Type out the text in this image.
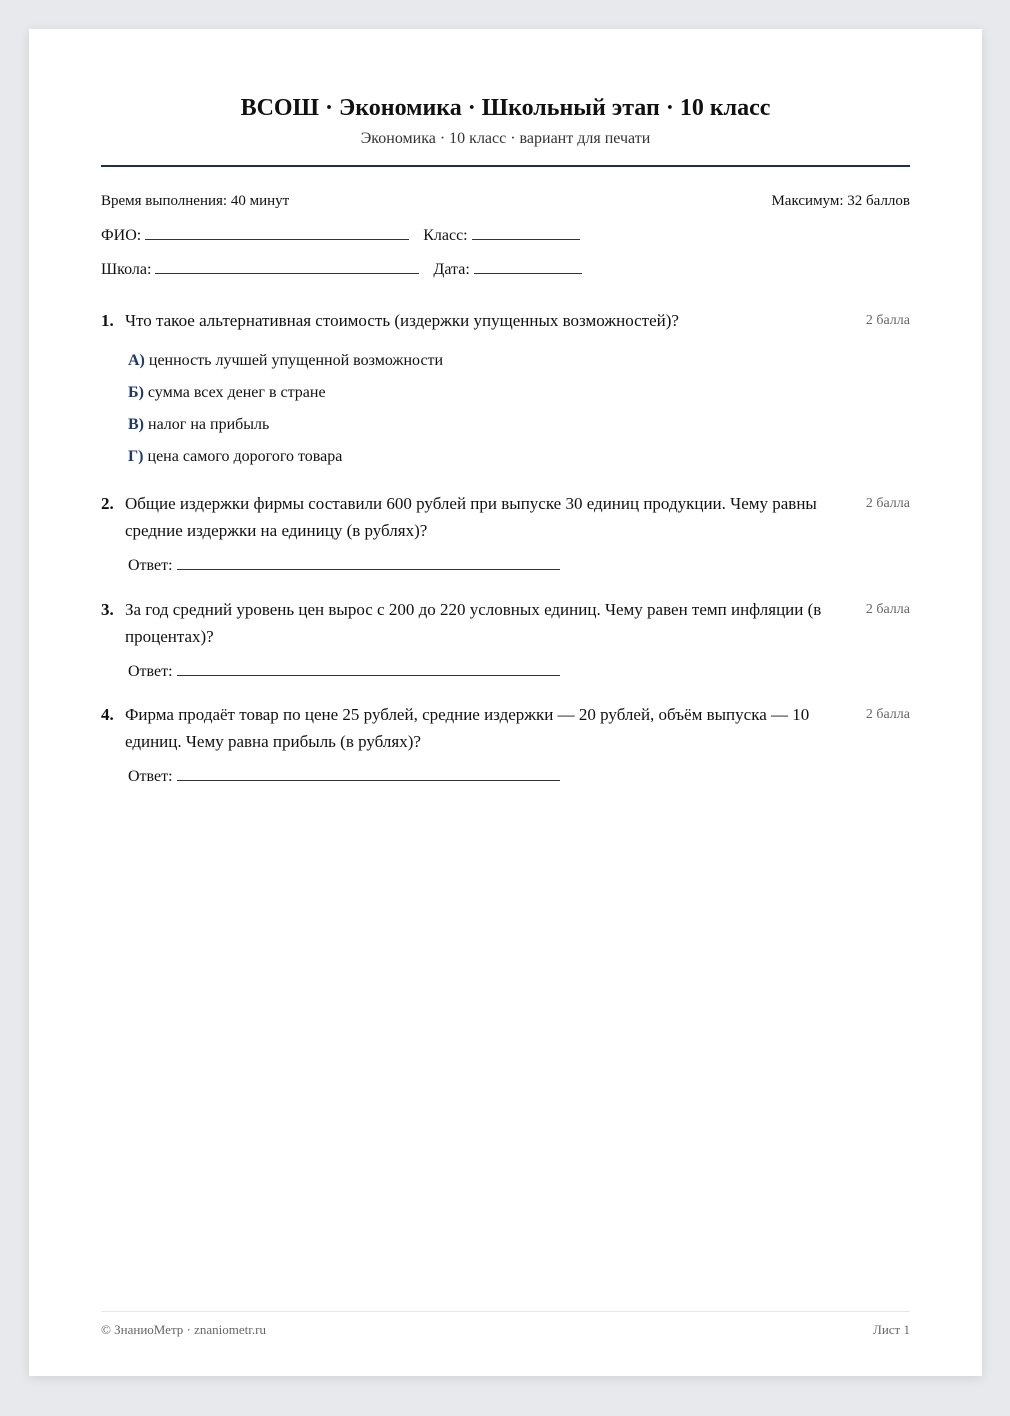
ВСОШ · Экономика · Школьный этап · 10 класс
Экономика · 10 класс · вариант для печати
Время выполнения: 40 минут	Максимум: 32 баллов
ФИО:	Класс:
Школа:	Дата:
1. Что такое альтернативная стоимость (издержки упущенных возможностей)?	2 балла
А) ценность лучшей упущенной возможности
Б) сумма всех денег в стране
В) налог на прибыль
Г) цена самого дорогого товара
2. Общие издержки фирмы составили 600 рублей при выпуске 30 единиц продукции. Чему равны средние издержки на единицу (в рублях)?
2 балла
Ответ:
3. За год средний уровень цен вырос с 200 до 220 условных единиц. Чему равен темп инфляции (в процентах)?
2 балла
Ответ:
4. Фирма продаёт товар по цене 25 рублей, средние издержки — 20 рублей, объём выпуска — 10 единиц. Чему равна прибыль (в рублях)?
2 балла
Ответ:
© ЗнаниоМетр · znaniometr.ru	Лист 1
